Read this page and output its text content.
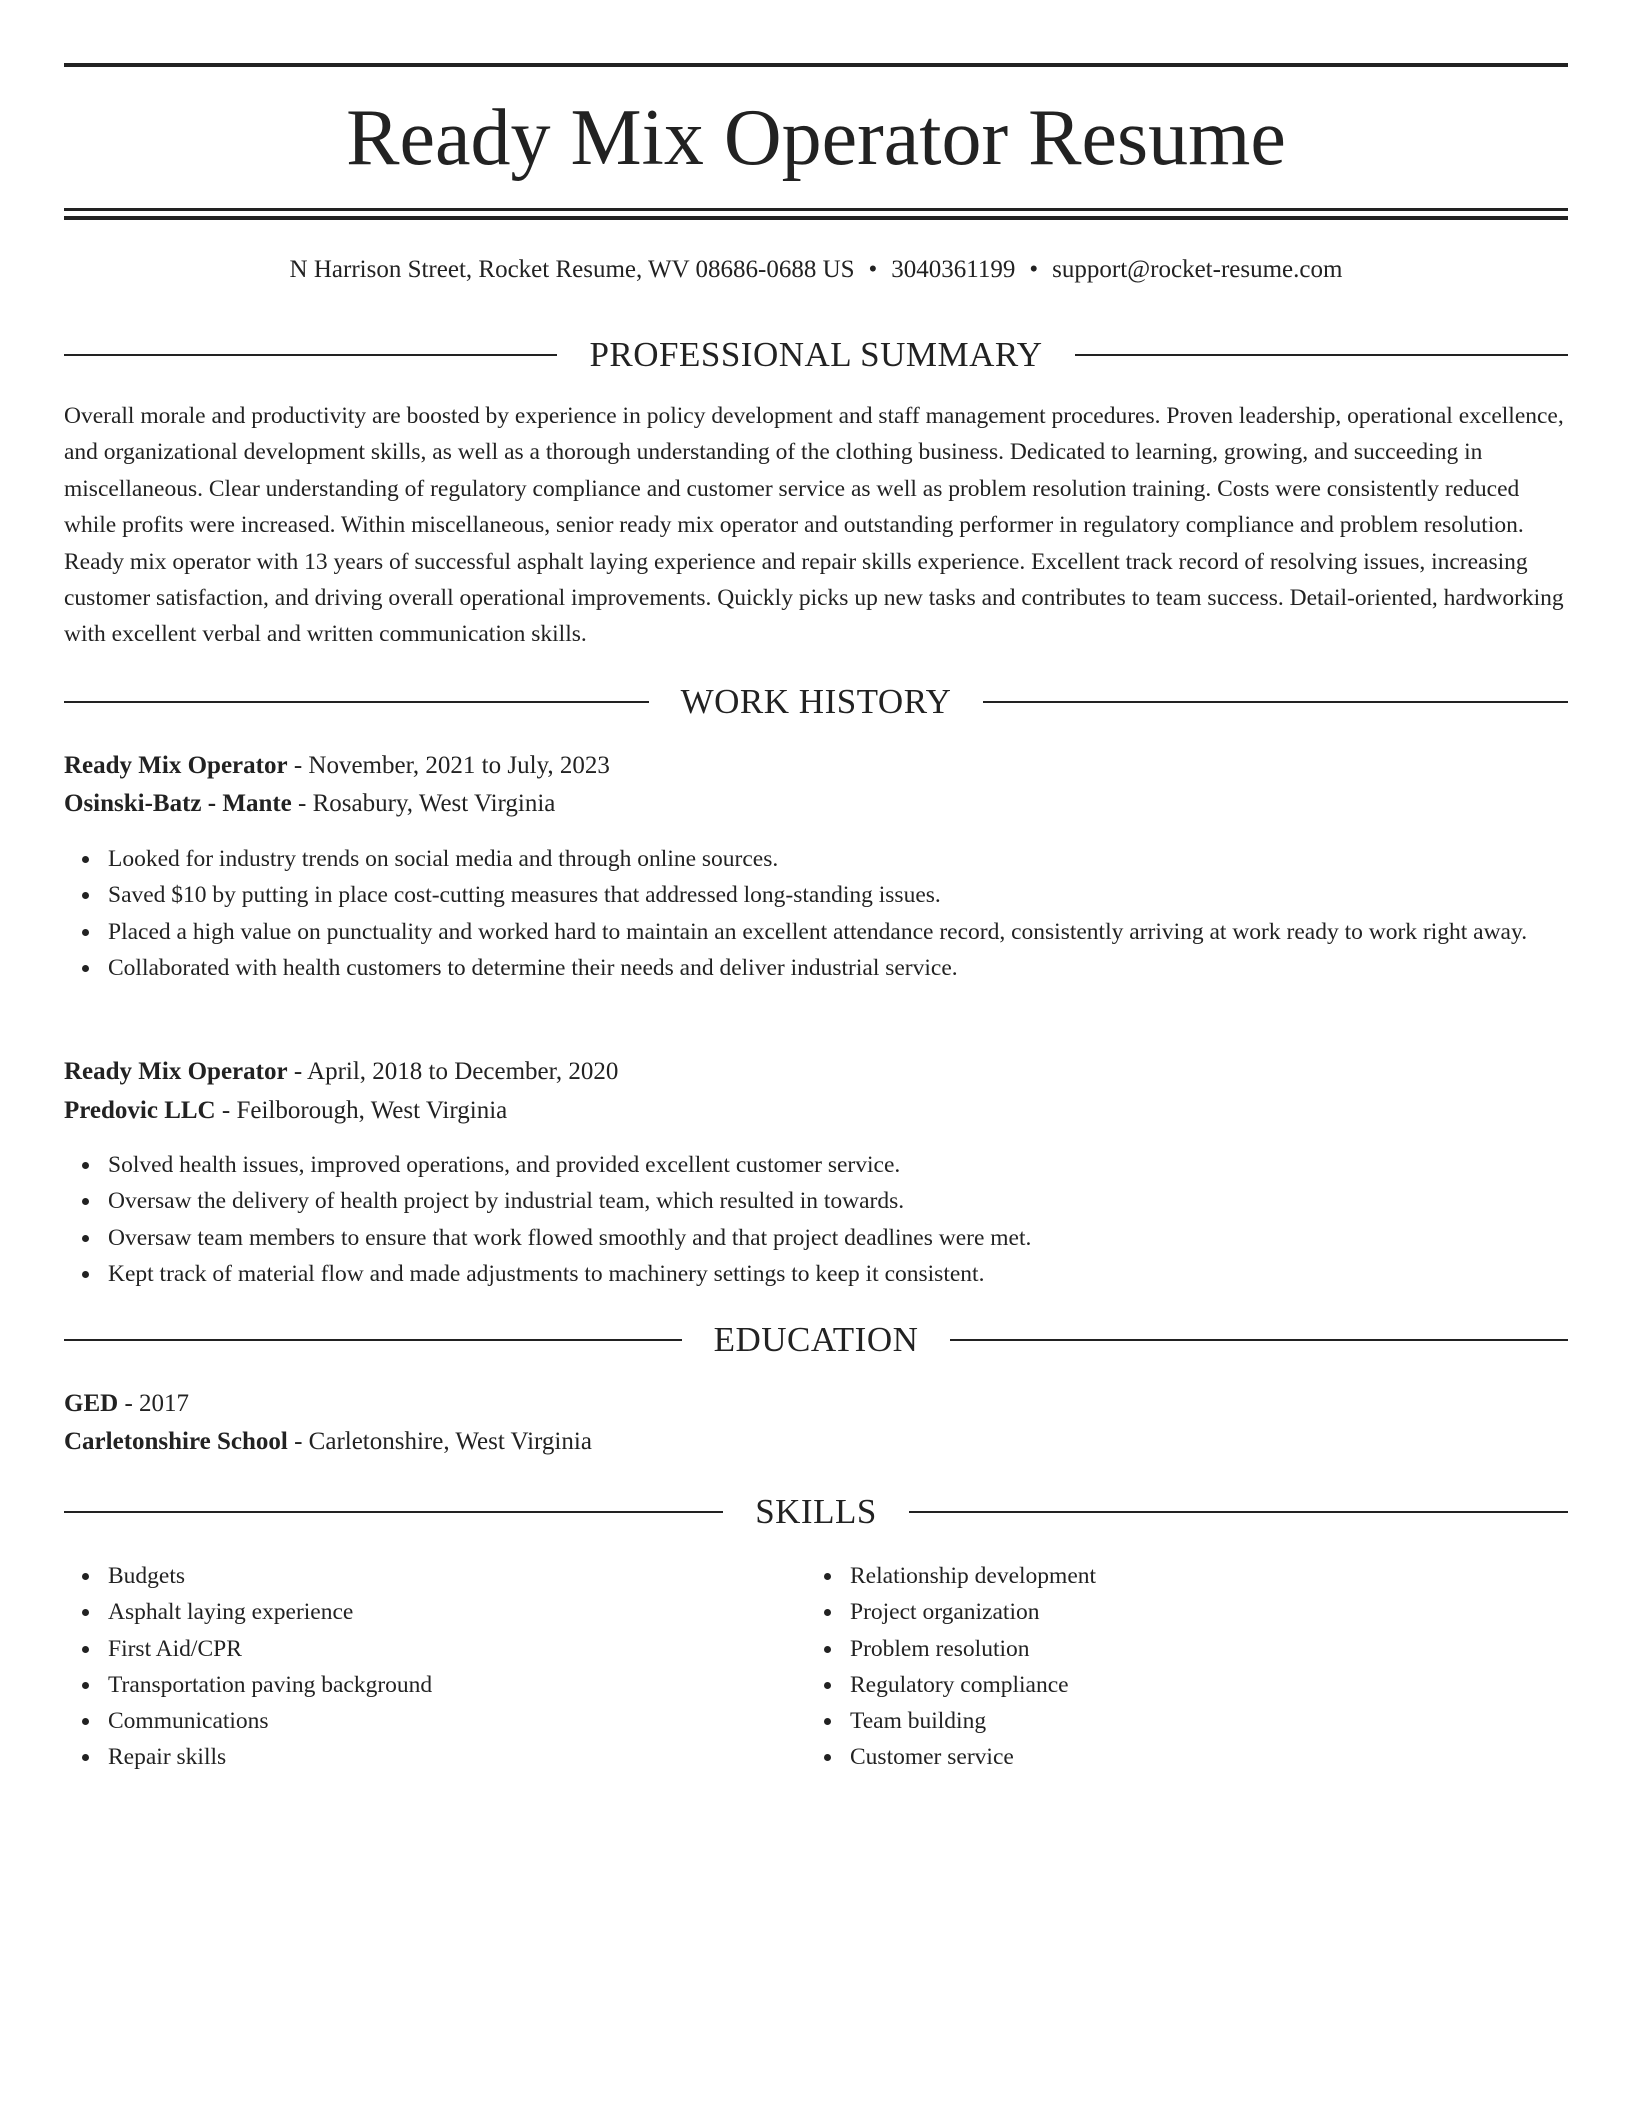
Ready Mix Operator Resume
N Harrison Street, Rocket Resume, WV 08686-0688 US • 3040361199 • support@rocket-resume.com
PROFESSIONAL SUMMARY

Overall morale and productivity are boosted by experience in policy development and staff management procedures. Proven leadership, operational excellence, and organizational development skills, as well as a thorough understanding of the clothing business. Dedicated to learning, growing, and succeeding in miscellaneous. Clear understanding of regulatory compliance and customer service as well as problem resolution training. Costs were consistently reduced while profits were increased. Within miscellaneous, senior ready mix operator and outstanding performer in regulatory compliance and problem resolution. Ready mix operator with 13 years of successful asphalt laying experience and repair skills experience. Excellent track record of resolving issues, increasing customer satisfaction, and driving overall operational improvements. Quickly picks up new tasks and contributes to team success. Detail-oriented, hardworking with excellent verbal and written communication skills.

WORK HISTORY
Ready Mix Operator - November, 2021 to July, 2023
Osinski-Batz - Mante - Rosabury, West Virginia
Looked for industry trends on social media and through online sources.
Saved $10 by putting in place cost-cutting measures that addressed long-standing issues.
Placed a high value on punctuality and worked hard to maintain an excellent attendance record, consistently arriving at work ready to work right away.
Collaborated with health customers to determine their needs and deliver industrial service.
Ready Mix Operator - April, 2018 to December, 2020
Predovic LLC - Feilborough, West Virginia
Solved health issues, improved operations, and provided excellent customer service.
Oversaw the delivery of health project by industrial team, which resulted in towards.
Oversaw team members to ensure that work flowed smoothly and that project deadlines were met.
Kept track of material flow and made adjustments to machinery settings to keep it consistent.
EDUCATION
GED - 2017
Carletonshire School - Carletonshire, West Virginia
SKILLS
Budgets
Asphalt laying experience
First Aid/CPR
Transportation paving background
Communications
Repair skills
Relationship development
Project organization
Problem resolution
Regulatory compliance
Team building
Customer service
